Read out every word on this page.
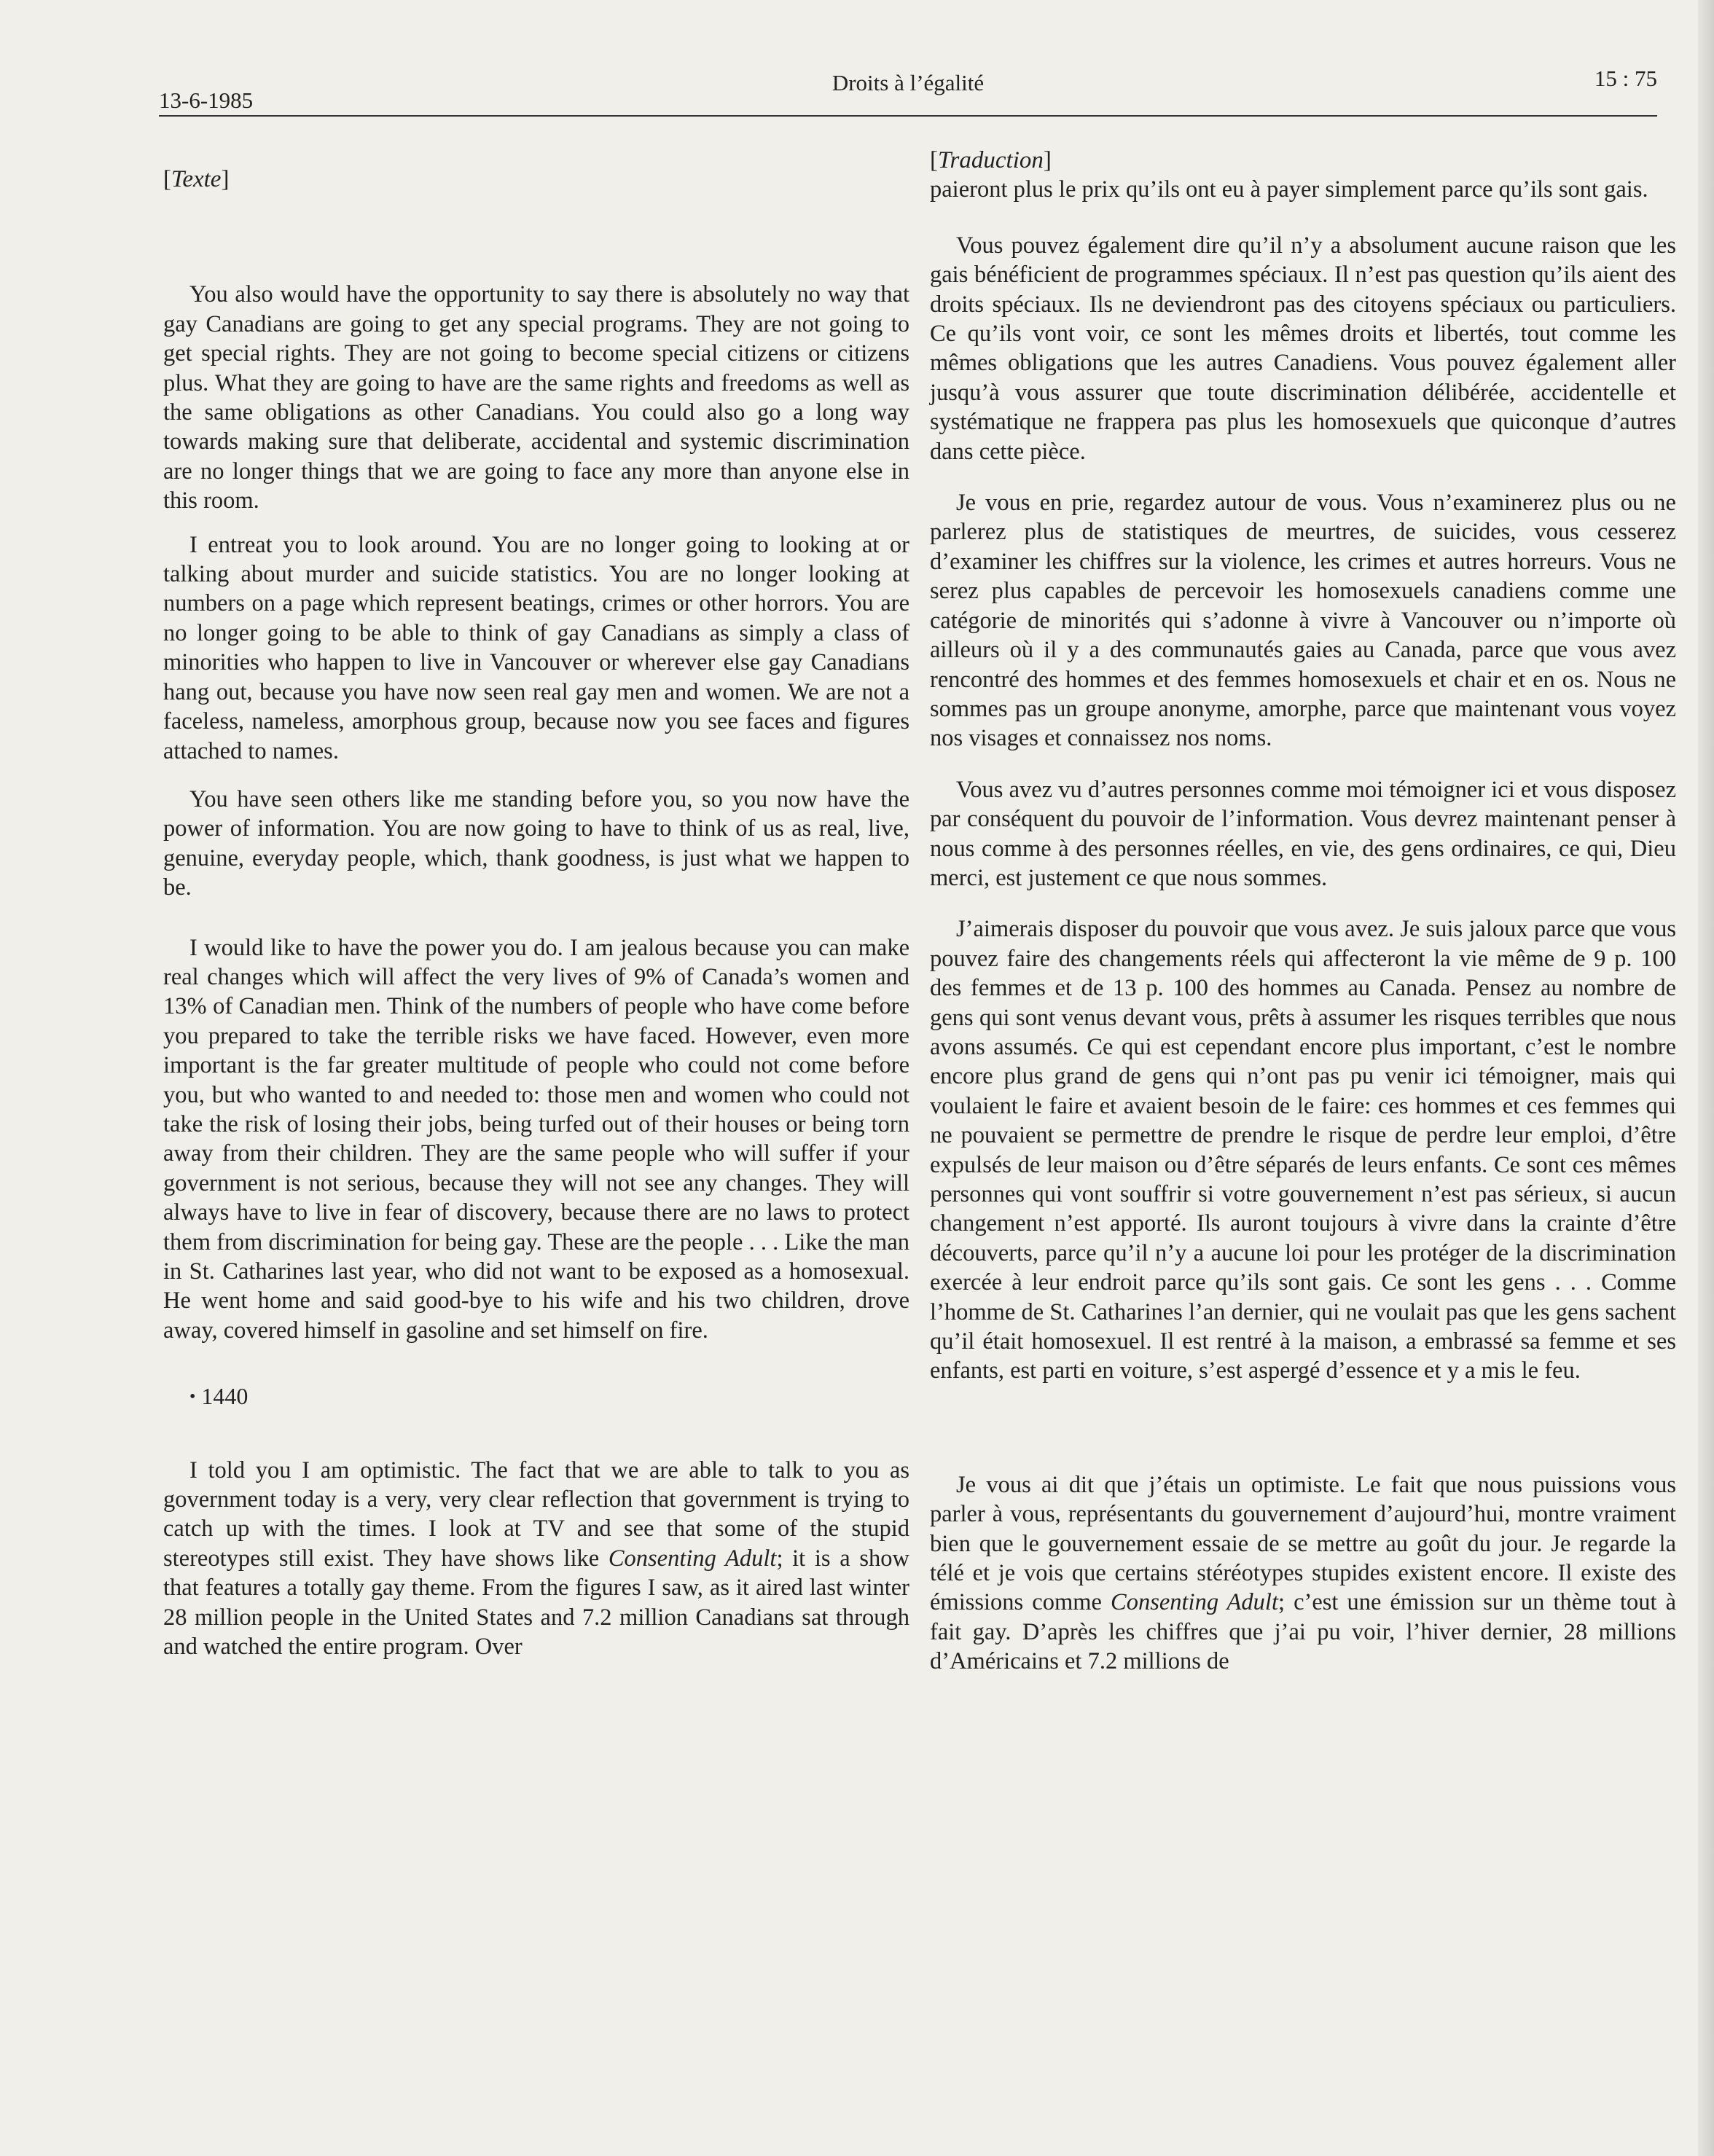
13-6-1985
Droits à l’égalité	15 : 75

[Texte]

You also would have the opportunity to say there is absolutely no way that gay Canadians are going to get any special programs. They are not going to get special rights. They are not going to become special citizens or citizens plus. What they are going to have are the same rights and freedoms as well as the same obligations as other Canadians. You could also go a long way towards making sure that deliberate, accidental and systemic discrimination are no longer things that we are going to face any more than anyone else in this room.

I entreat you to look around. You are no longer going to looking at or talking about murder and suicide statistics. You are no longer looking at numbers on a page which represent beatings, crimes or other horrors. You are no longer going to be able to think of gay Canadians as simply a class of minorities who happen to live in Vancouver or wherever else gay Canadians hang out, because you have now seen real gay men and women. We are not a faceless, nameless, amorphous group, because now you see faces and figures attached to names.

You have seen others like me standing before you, so you now have the power of information. You are now going to have to think of us as real, live, genuine, everyday people, which, thank goodness, is just what we happen to be.

I would like to have the power you do. I am jealous because you can make real changes which will affect the very lives of 9% of Canada’s women and 13% of Canadian men. Think of the numbers of people who have come before you prepared to take the terrible risks we have faced. However, even more important is the far greater multitude of people who could not come before you, but who wanted to and needed to: those men and women who could not take the risk of losing their jobs, being turfed out of their houses or being torn away from their children. They are the same people who will suffer if your government is not serious, because they will not see any changes. They will always have to live in fear of discovery, because there are no laws to protect them from discrimination for being gay. These are the people . . . Like the man in St. Catharines last year, who did not want to be exposed as a homosexual. He went home and said good-bye to his wife and his two children, drove away, covered himself in gasoline and set himself on fire.

• 1440

I told you I am optimistic. The fact that we are able to talk to you as government today is a very, very clear reflection that government is trying to catch up with the times. I look at TV and see that some of the stupid stereotypes still exist. They have shows like Consenting Adult; it is a show that features a totally gay theme. From the figures I saw, as it aired last winter 28 million people in the United States and 7.2 million Canadians sat through and watched the entire program. Over

[Traduction]

paieront plus le prix qu’ils ont eu à payer simplement parce qu’ils sont gais.

Vous pouvez également dire qu’il n’y a absolument aucune raison que les gais bénéficient de programmes spéciaux. Il n’est pas question qu’ils aient des droits spéciaux. Ils ne deviendront pas des citoyens spéciaux ou particuliers. Ce qu’ils vont voir, ce sont les mêmes droits et libertés, tout comme les mêmes obligations que les autres Canadiens. Vous pouvez également aller jusqu’à vous assurer que toute discrimination délibérée, accidentelle et systématique ne frappera pas plus les homosexuels que quiconque d’autres dans cette pièce.

Je vous en prie, regardez autour de vous. Vous n’examinerez plus ou ne parlerez plus de statistiques de meurtres, de suicides, vous cesserez d’examiner les chiffres sur la violence, les crimes et autres horreurs. Vous ne serez plus capables de percevoir les homosexuels canadiens comme une catégorie de minorités qui s’adonne à vivre à Vancouver ou n’importe où ailleurs où il y a des communautés gaies au Canada, parce que vous avez rencontré des hommes et des femmes homosexuels et chair et en os. Nous ne sommes pas un groupe anonyme, amorphe, parce que maintenant vous voyez nos visages et connaissez nos noms.

Vous avez vu d’autres personnes comme moi témoigner ici et vous disposez par conséquent du pouvoir de l’information. Vous devrez maintenant penser à nous comme à des personnes réelles, en vie, des gens ordinaires, ce qui, Dieu merci, est justement ce que nous sommes.

J’aimerais disposer du pouvoir que vous avez. Je suis jaloux parce que vous pouvez faire des changements réels qui affecteront la vie même de 9 p. 100 des femmes et de 13 p. 100 des hommes au Canada. Pensez au nombre de gens qui sont venus devant vous, prêts à assumer les risques terribles que nous avons assumés. Ce qui est cependant encore plus important, c’est le nombre encore plus grand de gens qui n’ont pas pu venir ici témoigner, mais qui voulaient le faire et avaient besoin de le faire: ces hommes et ces femmes qui ne pouvaient se permettre de prendre le risque de perdre leur emploi, d’être expulsés de leur maison ou d’être séparés de leurs enfants. Ce sont ces mêmes personnes qui vont souffrir si votre gouvernement n’est pas sérieux, si aucun changement n’est apporté. Ils auront toujours à vivre dans la crainte d’être découverts, parce qu’il n’y a aucune loi pour les protéger de la discrimination exercée à leur endroit parce qu’ils sont gais. Ce sont les gens . . . Comme l’homme de St. Catharines l’an dernier, qui ne voulait pas que les gens sachent qu’il était homosexuel. Il est rentré à la maison, a embrassé sa femme et ses enfants, est parti en voiture, s’est aspergé d’essence et y a mis le feu.

Je vous ai dit que j’étais un optimiste. Le fait que nous puissions vous parler à vous, représentants du gouvernement d’aujourd’hui, montre vraiment bien que le gouvernement essaie de se mettre au goût du jour. Je regarde la télé et je vois que certains stéréotypes stupides existent encore. Il existe des émissions comme Consenting Adult; c’est une émission sur un thème tout à fait gay. D’après les chiffres que j’ai pu voir, l’hiver dernier, 28 millions d’Américains et 7.2 millions de
